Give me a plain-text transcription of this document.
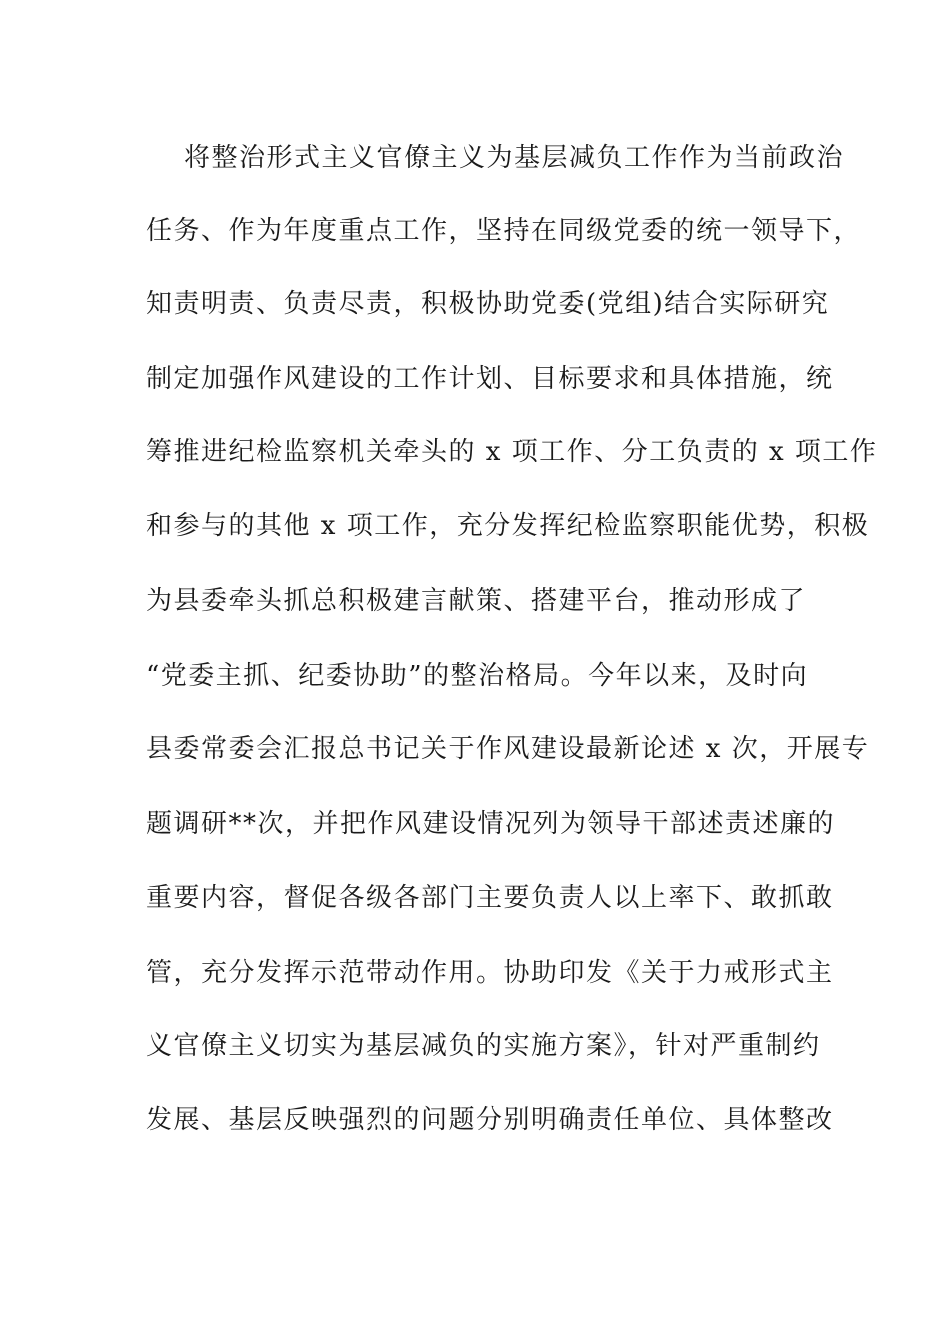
将整治形式主义官僚主义为基层减负工作作为当前政治
任务、作为年度重点工作，坚持在同级党委的统一领导下，
知责明责、负责尽责，积极协助党委(党组)结合实际研究
制定加强作风建设的工作计划、目标要求和具体措施，统
筹推进纪检监察机关牵头的 x 项工作、分工负责的 x 项工作
和参与的其他 x 项工作，充分发挥纪检监察职能优势，积极
为县委牵头抓总积极建言献策、搭建平台，推动形成了
“党委主抓、纪委协助”的整治格局。今年以来，及时向
县委常委会汇报总书记关于作风建设最新论述 x 次，开展专
题调研**次，并把作风建设情况列为领导干部述责述廉的
重要内容，督促各级各部门主要负责人以上率下、敢抓敢
管，充分发挥示范带动作用。协助印发《关于力戒形式主
义官僚主义切实为基层减负的实施方案》，针对严重制约
发展、基层反映强烈的问题分别明确责任单位、具体整改
